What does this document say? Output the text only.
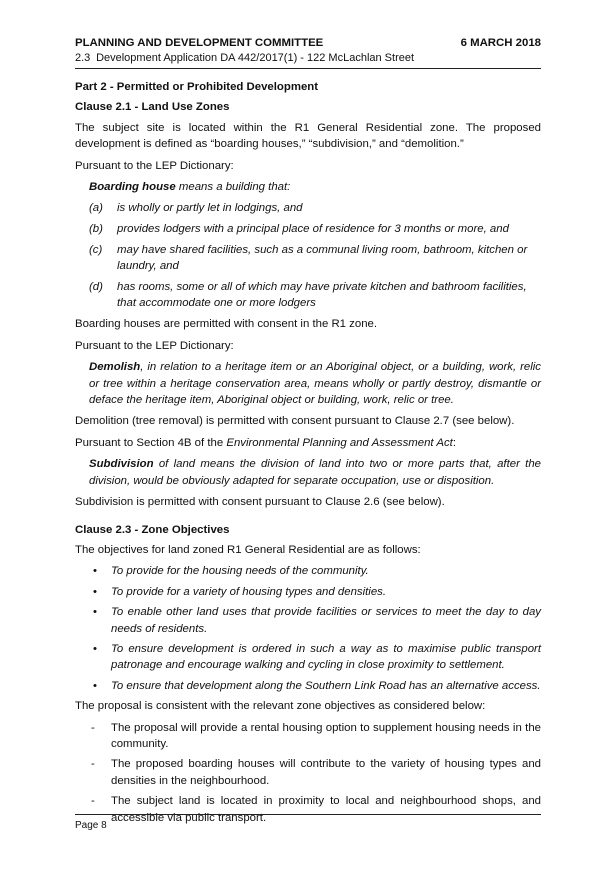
PLANNING AND DEVELOPMENT COMMITTEE	6 MARCH 2018
2.3 Development Application DA 442/2017(1) - 122 McLachlan Street
Part 2 - Permitted or Prohibited Development
Clause 2.1 - Land Use Zones

The subject site is located within the R1 General Residential zone. The proposed development is defined as “boarding houses,” “subdivision,” and “demolition.”

Pursuant to the LEP Dictionary:

Boarding house means a building that:

(a)	is wholly or partly let in lodgings, and
(b)	provides lodgers with a principal place of residence for 3 months or more, and
(c)	may have shared facilities, such as a communal living room, bathroom, kitchen or laundry, and
(d)	has rooms, some or all of which may have private kitchen and bathroom facilities, that accommodate one or more lodgers

Boarding houses are permitted with consent in the R1 zone.

Pursuant to the LEP Dictionary:

Demolish, in relation to a heritage item or an Aboriginal object, or a building, work, relic or tree within a heritage conservation area, means wholly or partly destroy, dismantle or deface the heritage item, Aboriginal object or building, work, relic or tree.

Demolition (tree removal) is permitted with consent pursuant to Clause 2.7 (see below).

Pursuant to Section 4B of the Environmental Planning and Assessment Act:

Subdivision of land means the division of land into two or more parts that, after the division, would be obviously adapted for separate occupation, use or disposition.

Subdivision is permitted with consent pursuant to Clause 2.6 (see below).

Clause 2.3 - Zone Objectives

The objectives for land zoned R1 General Residential are as follows:

•	To provide for the housing needs of the community.
•	To provide for a variety of housing types and densities.
•	To enable other land uses that provide facilities or services to meet the day to day needs of residents.
•	To ensure development is ordered in such a way as to maximise public transport patronage and encourage walking and cycling in close proximity to settlement.
•	To ensure that development along the Southern Link Road has an alternative access.

The proposal is consistent with the relevant zone objectives as considered below:

-	The proposal will provide a rental housing option to supplement housing needs in the community.
-	The proposed boarding houses will contribute to the variety of housing types and densities in the neighbourhood.
-	The subject land is located in proximity to local and neighbourhood shops, and accessible via public transport.
Page 8
